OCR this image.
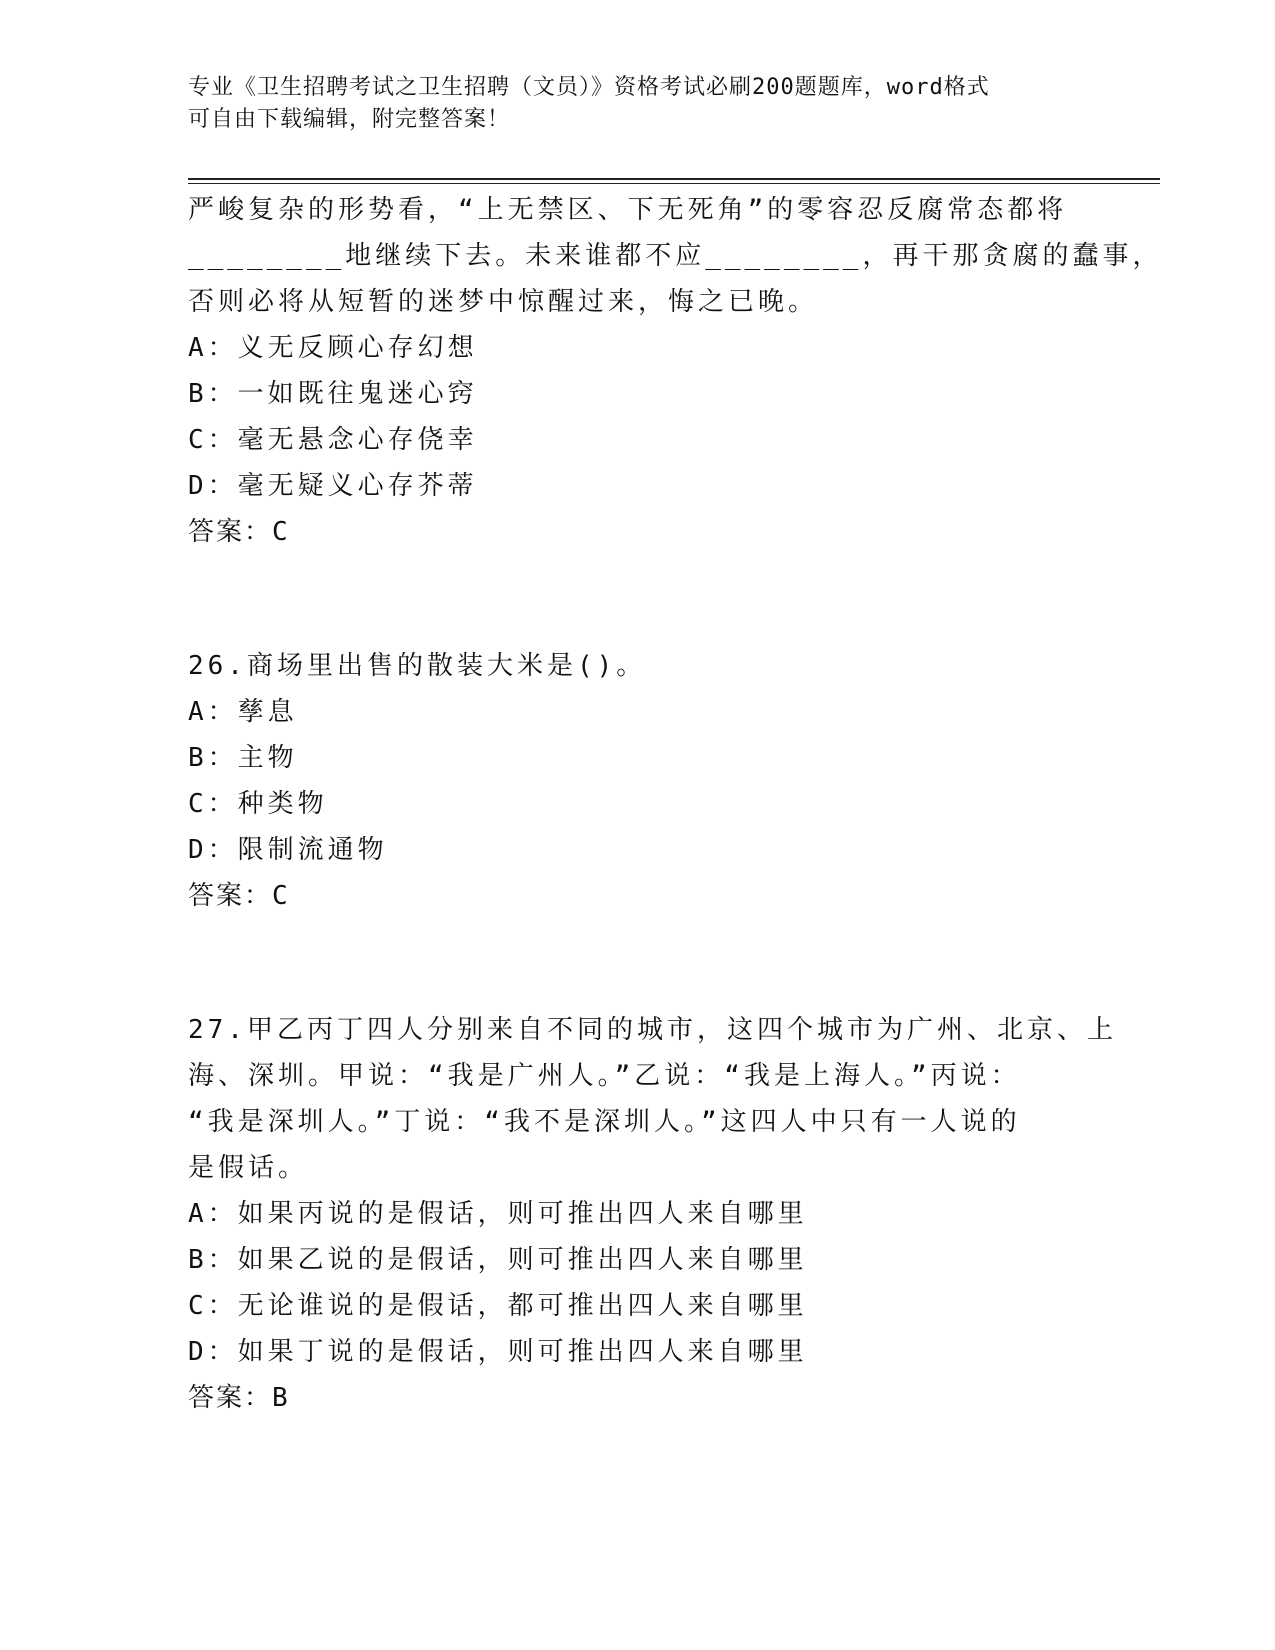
专业《卫生招聘考试之卫生招聘（文员）》资格考试必刷200题题库，word格式
可自由下载编辑，附完整答案！
严峻复杂的形势看，“上无禁区、下无死角”的零容忍反腐常态都将
________地继续下去。未来谁都不应________，再干那贪腐的蠢事，
否则必将从短暂的迷梦中惊醒过来，悔之已晚。
A：义无反顾心存幻想
B：一如既往鬼迷心窍
C：毫无悬念心存侥幸
D：毫无疑义心存芥蒂
答案：C
26.商场里出售的散装大米是()。
A：孳息
B：主物
C：种类物
D：限制流通物
答案：C
27.甲乙丙丁四人分别来自不同的城市，这四个城市为广州、北京、上
海、深圳。甲说：“我是广州人。”乙说：“我是上海人。”丙说：
“我是深圳人。”丁说：“我不是深圳人。”这四人中只有一人说的
是假话。
A：如果丙说的是假话，则可推出四人来自哪里
B：如果乙说的是假话，则可推出四人来自哪里
C：无论谁说的是假话，都可推出四人来自哪里
D：如果丁说的是假话，则可推出四人来自哪里
答案：B
